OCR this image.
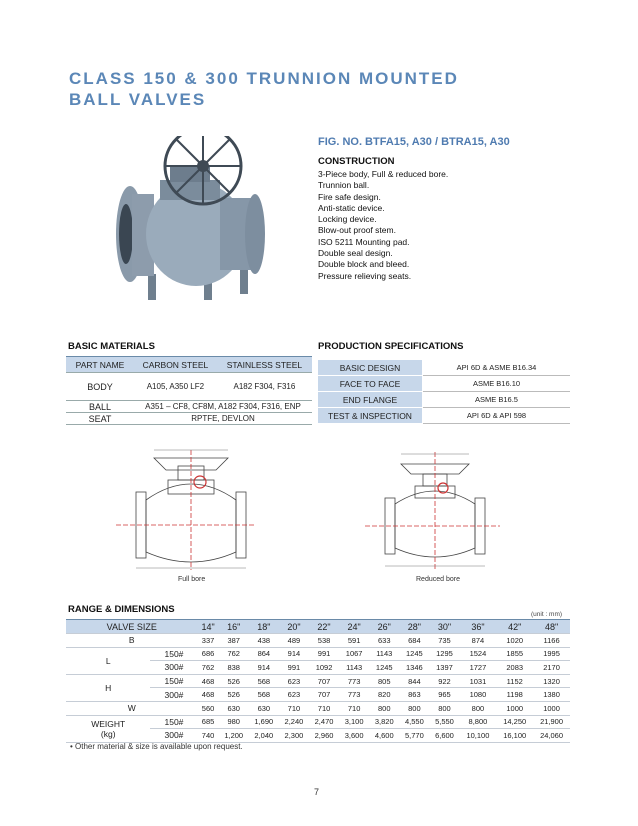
CLASS 150 & 300 TRUNNION MOUNTED
BALL VALVES
FIG. NO. BTFA15, A30 / BTRA15, A30
CONSTRUCTION
3-Piece body, Full & reduced bore.
Trunnion ball.
Fire safe design.
Anti-static device.
Locking device.
Blow-out proof stem.
ISO 5211 Mounting pad.
Double seal design.
Double block and bleed.
Pressure relieving seats.
BASIC MATERIALS
PART NAME	CARBON STEEL	STAINLESS STEEL
BODY	A105, A350 LF2	A182 F304, F316
BALL	A351 – CF8, CF8M, A182 F304, F316, ENP	
SEAT	RPTFE, DEVLON	
PRODUCTION SPECIFICATIONS
BASIC DESIGN	API 6D & ASME B16.34
FACE TO FACE	ASME B16.10
END FLANGE	ASME B16.5
TEST & INSPECTION	API 6D & API 598
Full bore	Reduced bore
RANGE & DIMENSIONS	(unit : mm)
VALVE SIZE		14"	16"	18"	20"	22"	24"	26"	28"	30"	36"	42"	48"
B		337	387	438	489	538	591	633	684	735	874	1020	1166
L	150#	686	762	864	914	991	1067	1143	1245	1295	1524	1855	1995
	300#	762	838	914	991	1092	1143	1245	1346	1397	1727	2083	2170
H	150#	468	526	568	623	707	773	805	844	922	1031	1152	1320
	300#	468	526	568	623	707	773	820	863	965	1080	1198	1380
W		560	630	630	710	710	710	800	800	800	800	1000	1000

WEIGHT
(kg)	150#	685	980	1,690	2,240	2,470	3,100	3,820	4,550	5,550	8,800	14,250	21,900
	300#	740	1,200	2,040	2,300	2,960	3,600	4,600	5,770	6,600	10,100	16,100	24,060
• Other material & size is available upon request.
7
